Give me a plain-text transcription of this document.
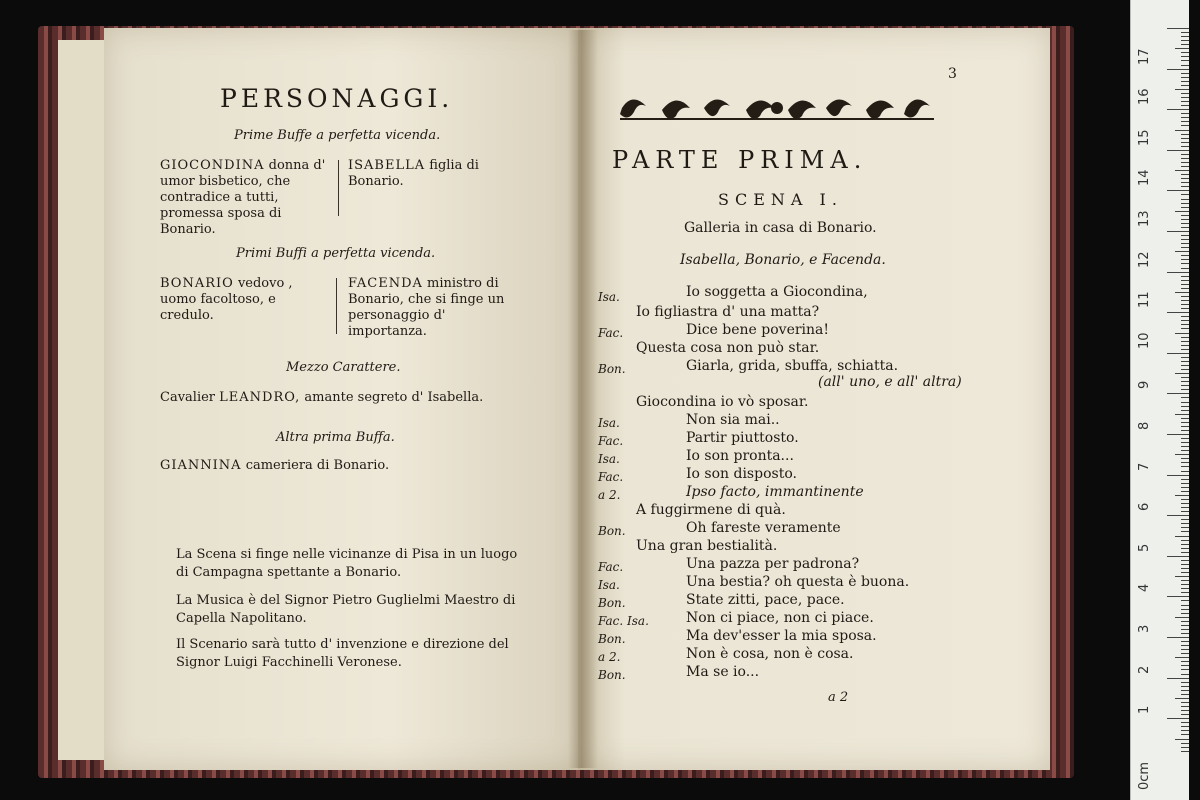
PERSONAGGI.
Prime Buffe a perfetta vicenda.
GIOCONDINA donna d' umor bisbetico, che contradice a tutti, promessa sposa di Bonario.
ISABELLA figlia di Bonario.
Primi Buffi a perfetta vicenda.
BONARIO vedovo , uomo facoltoso, e credulo.
FACENDA ministro di Bonario, che si finge un personaggio d' importanza.
Mezzo Carattere.
Cavalier LEANDRO, amante segreto d' Isabella.
Altra prima Buffa.
GIANNINA cameriera di Bonario.
La Scena si finge nelle vicinanze di Pisa in un luogo di Campagna spettante a Bonario.
La Musica è del Signor Pietro Guglielmi Maestro di Capella Napolitano.
Il Scenario sarà tutto d' invenzione e direzione del Signor Luigi Facchinelli Veronese.
3
PARTE PRIMA.
SCENA I.
Galleria in casa di Bonario.
Isabella, Bonario, e Facenda.
Isa.	Io soggetta a Giocondina,
Io figliastra d' una matta?
Fac.	Dice bene poverina!
Questa cosa non può star.
Bon.	Giarla, grida, sbuffa, schiatta.
(all' uno, e all' altra)
Giocondina io vò sposar.
Isa.	Non sia mai..
Fac.	Partir piuttosto.
Isa.	Io son pronta...
Fac.	Io son disposto.
a 2.	Ipso facto, immantinente
A fuggirmene di quà.
Bon.	Oh fareste veramente
Una gran bestialità.
Fac.	Una pazza per padrona?
Isa.	Una bestia? oh questa è buona.
Bon.	State zitti, pace, pace.
Fac. Isa.	Non ci piace, non ci piace.
Bon.	Ma dev'esser la mia sposa.
a 2.	Non è cosa, non è cosa.
Bon.	Ma se io...
a 2
17
16
15
14
13
12
11
10
9
8
7
6
5
4
3
2
1
0cm
